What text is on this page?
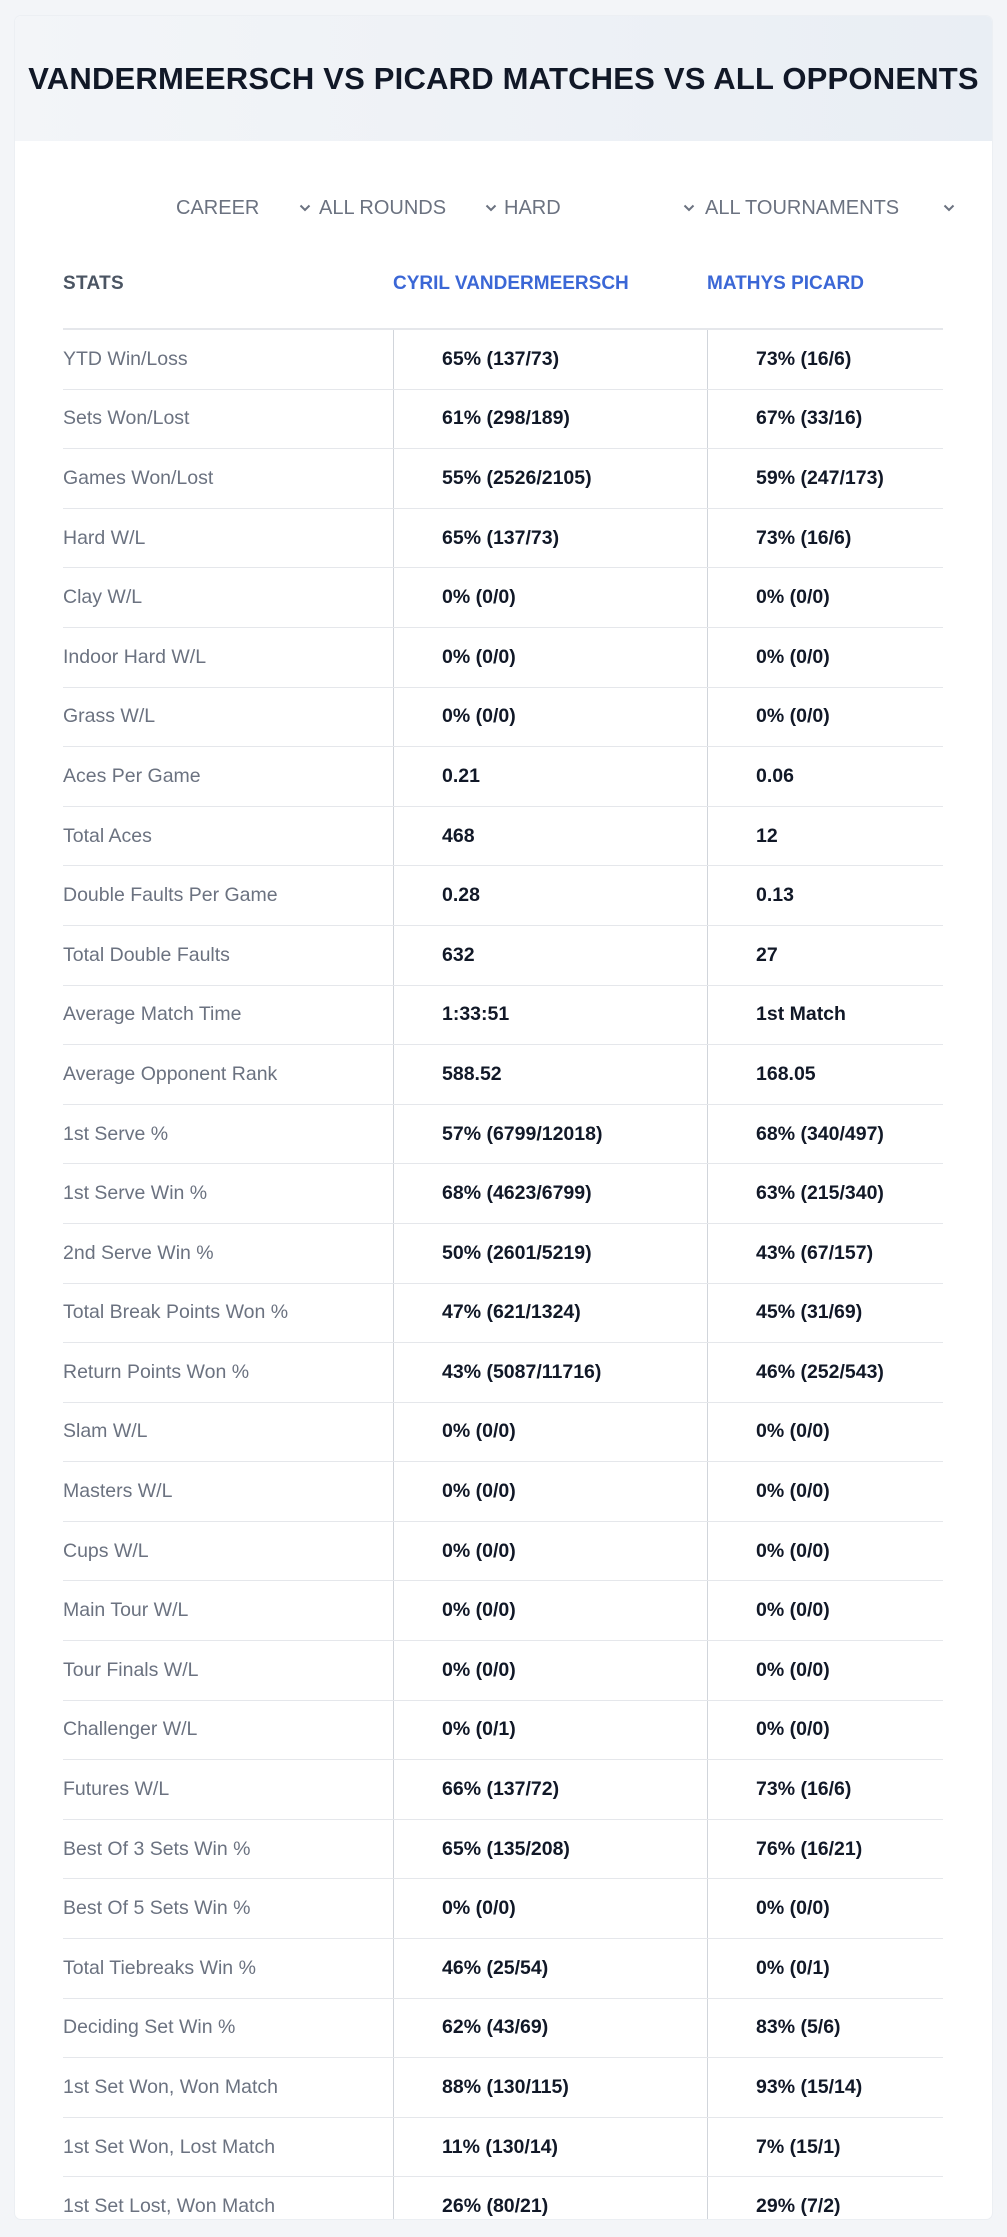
VANDERMEERSCH VS PICARD MATCHES VS ALL OPPONENTS
CAREER	ALL ROUNDS	HARD	ALL TOURNAMENTS
STATS	CYRIL VANDERMEERSCH	MATHYS PICARD
YTD Win/Loss	65% (137/73)	73% (16/6)
Sets Won/Lost	61% (298/189)	67% (33/16)
Games Won/Lost	55% (2526/2105)	59% (247/173)
Hard W/L	65% (137/73)	73% (16/6)
Clay W/L	0% (0/0)	0% (0/0)
Indoor Hard W/L	0% (0/0)	0% (0/0)
Grass W/L	0% (0/0)	0% (0/0)
Aces Per Game	0.21	0.06
Total Aces	468	12
Double Faults Per Game	0.28	0.13
Total Double Faults	632	27
Average Match Time	1:33:51	1st Match
Average Opponent Rank	588.52	168.05
1st Serve %	57% (6799/12018)	68% (340/497)
1st Serve Win %	68% (4623/6799)	63% (215/340)
2nd Serve Win %	50% (2601/5219)	43% (67/157)
Total Break Points Won %	47% (621/1324)	45% (31/69)
Return Points Won %	43% (5087/11716)	46% (252/543)
Slam W/L	0% (0/0)	0% (0/0)
Masters W/L	0% (0/0)	0% (0/0)
Cups W/L	0% (0/0)	0% (0/0)
Main Tour W/L	0% (0/0)	0% (0/0)
Tour Finals W/L	0% (0/0)	0% (0/0)
Challenger W/L	0% (0/1)	0% (0/0)
Futures W/L	66% (137/72)	73% (16/6)
Best Of 3 Sets Win %	65% (135/208)	76% (16/21)
Best Of 5 Sets Win %	0% (0/0)	0% (0/0)
Total Tiebreaks Win %	46% (25/54)	0% (0/1)
Deciding Set Win %	62% (43/69)	83% (5/6)
1st Set Won, Won Match	88% (130/115)	93% (15/14)
1st Set Won, Lost Match	11% (130/14)	7% (15/1)
1st Set Lost, Won Match	26% (80/21)	29% (7/2)
